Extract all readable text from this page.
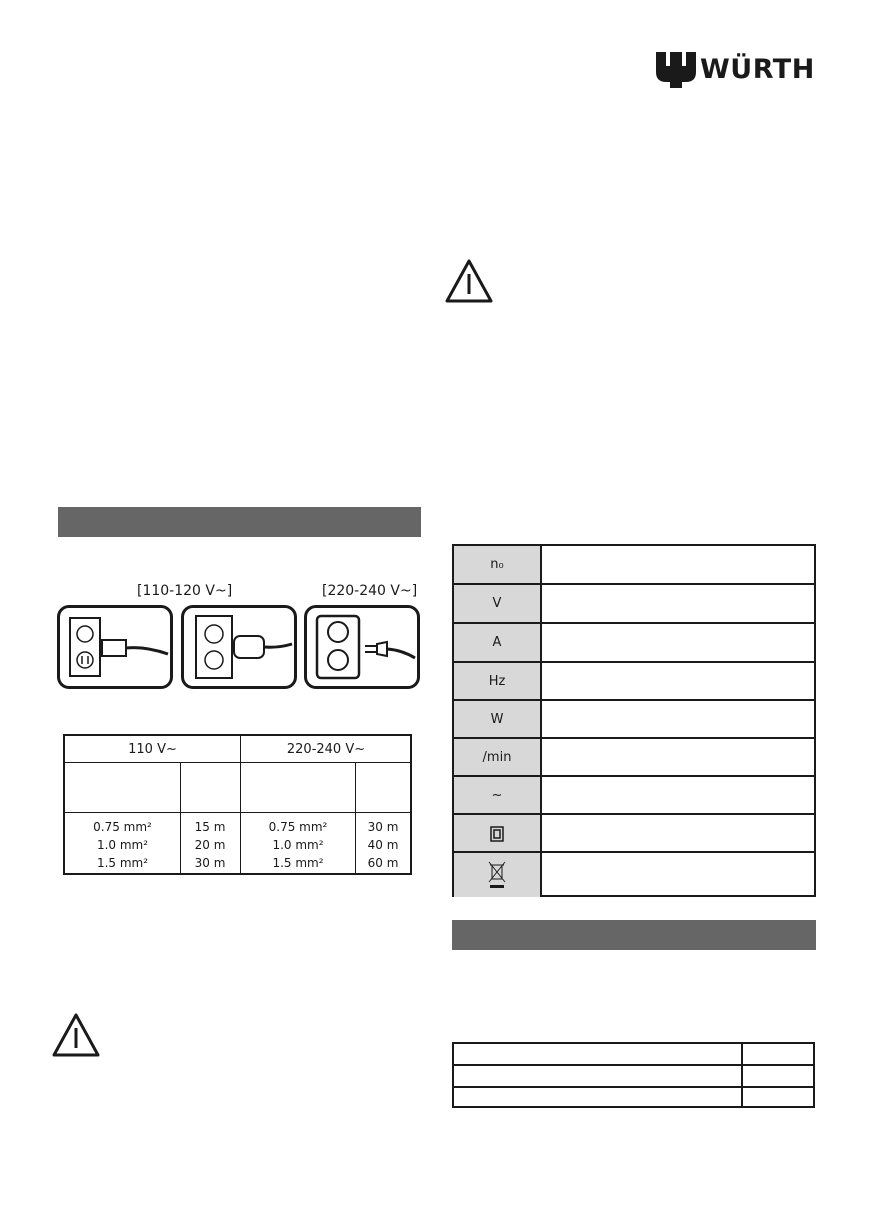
WÜRTH
[110-120 V~]	[220-240 V~]
110 V~	220-240 V~
0.75 mm²
1.0 mm²
1.5 mm²
15 m
20 m
30 m
0.75 mm²
1.0 mm²
1.5 mm²
30 m
40 m
60 m
n₀
V
A
Hz
W
/min
~
